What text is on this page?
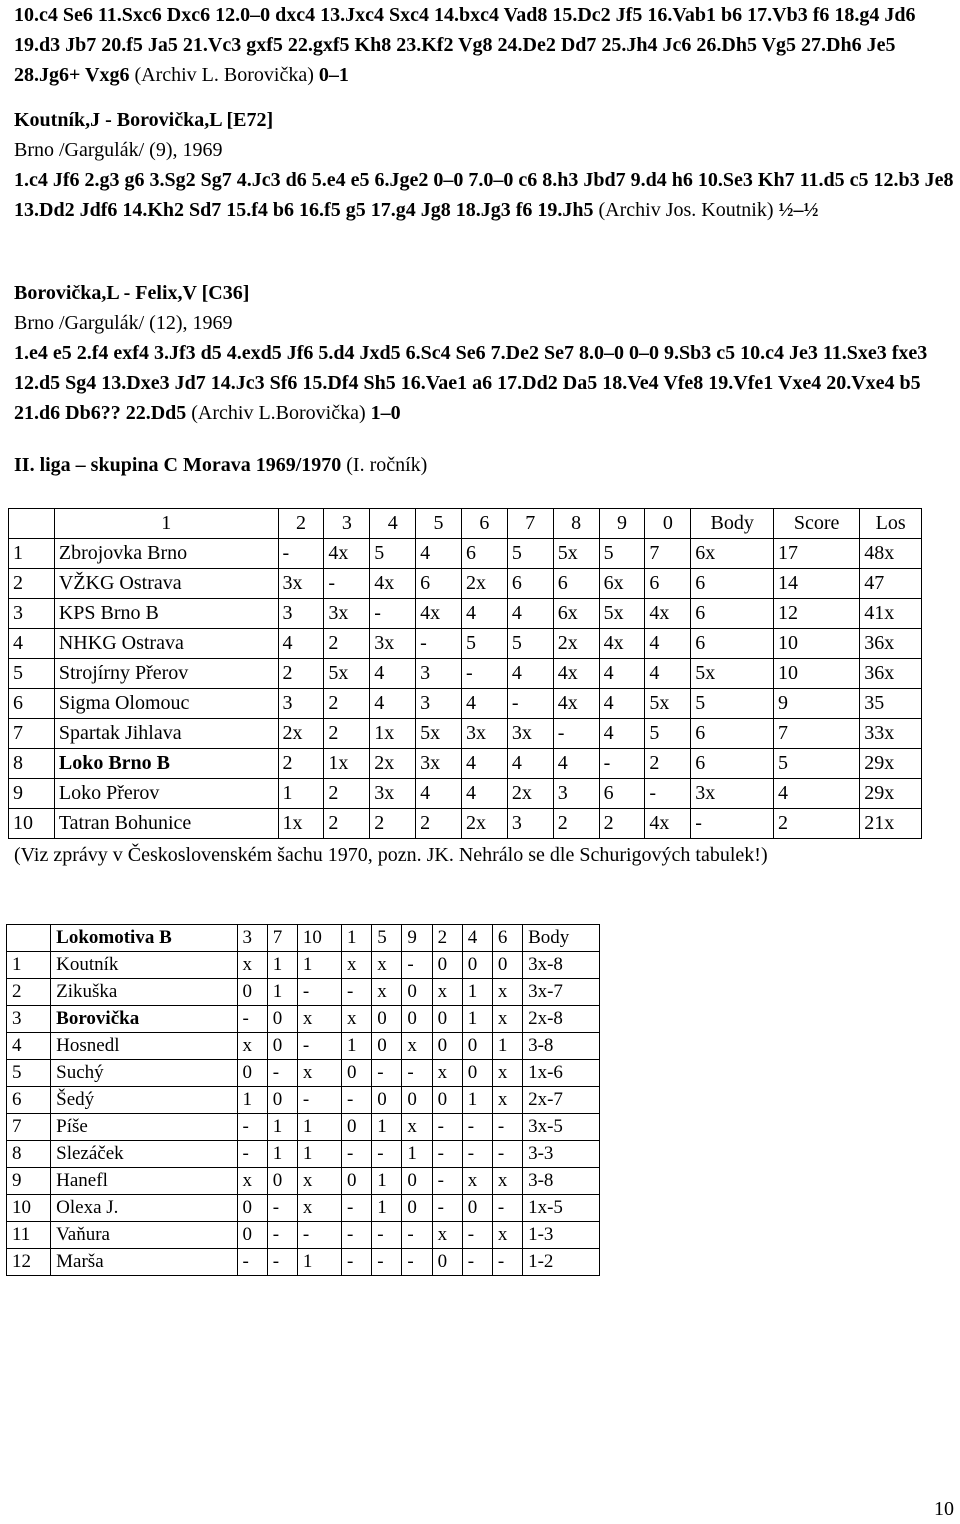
10.c4 Se6 11.Sxc6 Dxc6 12.0–0 dxc4 13.Jxc4 Sxc4 14.bxc4 Vad8 15.Dc2 Jf5 16.Vab1 b6 17.Vb3 f6 18.g4 Jd6 19.d3 Jb7 20.f5 Ja5 21.Vc3 gxf5 22.gxf5 Kh8 23.Kf2 Vg8 24.De2 Dd7 25.Jh4 Jc6 26.Dh5 Vg5 27.Dh6 Je5 28.Jg6+ Vxg6 (Archiv L. Borovička) 0–1

Koutník,J - Borovička,L [E72]
Brno /Gargulák/ (9), 1969

1.c4 Jf6 2.g3 g6 3.Sg2 Sg7 4.Jc3 d6 5.e4 e5 6.Jge2 0–0 7.0–0 c6 8.h3 Jbd7 9.d4 h6 10.Se3 Kh7 11.d5 c5 12.b3 Je8 13.Dd2 Jdf6 14.Kh2 Sd7 15.f4 b6 16.f5 g5 17.g4 Jg8 18.Jg3 f6 19.Jh5 (Archiv Jos. Koutnik) ½–½

Borovička,L - Felix,V [C36]
Brno /Gargulák/ (12), 1969

1.e4 e5 2.f4 exf4 3.Jf3 d5 4.exd5 Jf6 5.d4 Jxd5 6.Sc4 Se6 7.De2 Se7 8.0–0 0–0 9.Sb3 c5 10.c4 Je3 11.Sxe3 fxe3 12.d5 Sg4 13.Dxe3 Jd7 14.Jc3 Sf6 15.Df4 Sh5 16.Vae1 a6 17.Dd2 Da5 18.Ve4 Vfe8 19.Vfe1 Vxe4 20.Vxe4 b5 21.d6 Db6?? 22.Dd5 (Archiv L.Borovička) 1–0

II. liga – skupina C Morava 1969/1970 (I. ročník)
	1	2	3	4	5	6	7	8	9	0	Body	Score	Los
1	Zbrojovka Brno	-	4x	5	4	6	5	5x	5	7	6x	17	48x
2	VŽKG Ostrava	3x	-	4x	6	2x	6	6	6x	6	6	14	47
3	KPS Brno B	3	3x	-	4x	4	4	6x	5x	4x	6	12	41x
4	NHKG Ostrava	4	2	3x	-	5	5	2x	4x	4	6	10	36x
5	Strojírny Přerov	2	5x	4	3	-	4	4x	4	4	5x	10	36x
6	Sigma Olomouc	3	2	4	3	4	-	4x	4	5x	5	9	35
7	Spartak Jihlava	2x	2	1x	5x	3x	3x	-	4	5	6	7	33x
8	Loko Brno B	2	1x	2x	3x	4	4	4	-	2	6	5	29x
9	Loko Přerov	1	2	3x	4	4	2x	3	6	-	3x	4	29x
10	Tatran Bohunice	1x	2	2	2	2x	3	2	2	4x	-	2	21x
(Viz zprávy v Československém šachu 1970, pozn. JK. Nehrálo se dle Schurigových tabulek!)
	Lokomotiva B	3	7	10	1	5	9	2	4	6	Body
1	Koutník	x	1	1	x	x	-	0	0	0	3x-8
2	Zikuška	0	1	-	-	x	0	x	1	x	3x-7
3	Borovička	-	0	x	x	0	0	0	1	x	2x-8
4	Hosnedl	x	0	-	1	0	x	0	0	1	3-8
5	Suchý	0	-	x	0	-	-	x	0	x	1x-6
6	Šedý	1	0	-	-	0	0	0	1	x	2x-7
7	Píše	-	1	1	0	1	x	-	-	-	3x-5
8	Slezáček	-	1	1	-	-	1	-	-	-	3-3
9	Hanefl	x	0	x	0	1	0	-	x	x	3-8
10	Olexa J.	0	-	x	-	1	0	-	0	-	1x-5
11	Vaňura	0	-	-	-	-	-	x	-	x	1-3
12	Marša	-	-	1	-	-	-	0	-	-	1-2
10
